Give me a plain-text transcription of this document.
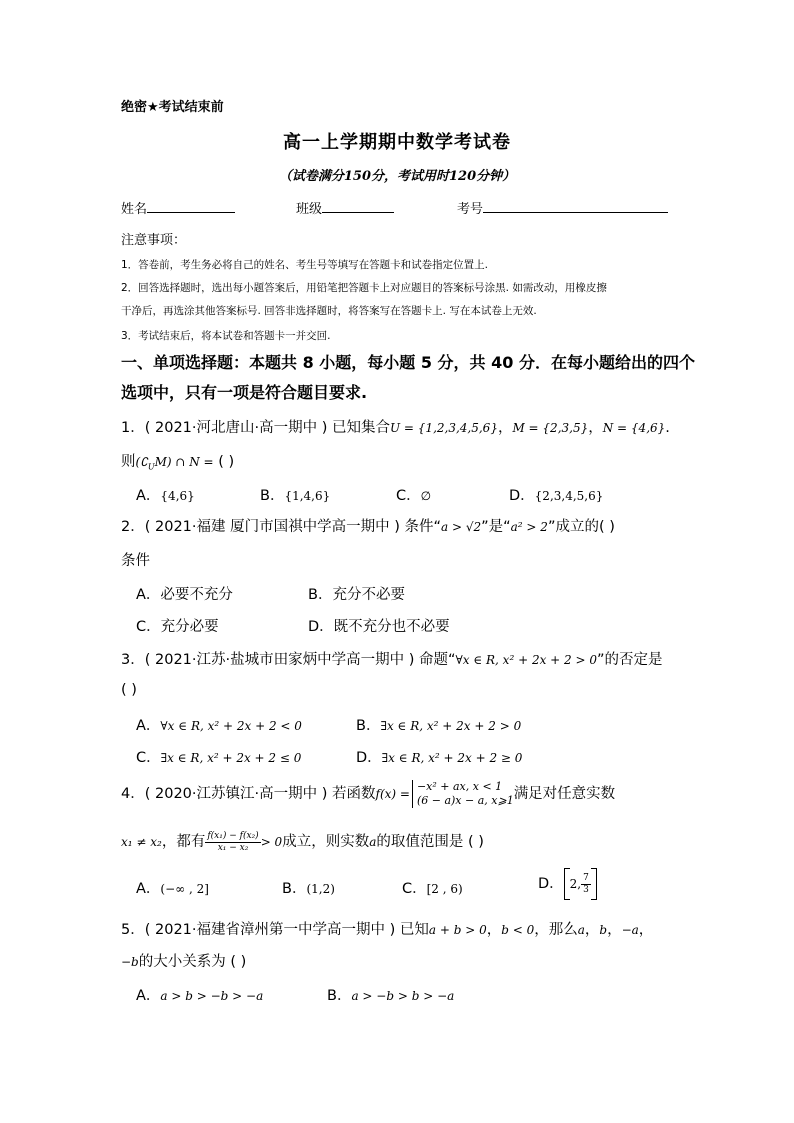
绝密★考试结束前
高一上学期期中数学考试卷
（试卷满分150分，考试用时120分钟）
姓名	班级	考号
注意事项：
1．答卷前，考生务必将自己的姓名、考生号等填写在答题卡和试卷指定位置上.
2．回答选择题时，选出每小题答案后，用铅笔把答题卡上对应题目的答案标号涂黑. 如需改动，用橡皮擦
干净后，再选涂其他答案标号. 回答非选择题时，将答案写在答题卡上. 写在本试卷上无效.
3．考试结束后，将本试卷和答题卡一并交回.
一、单项选择题：本题共 8 小题，每小题 5 分，共 40 分．在每小题给出的四个
选项中，只有一项是符合题目要求.
1．( 2021·河北唐山·高一期中 ) 已知集合U = {1,2,3,4,5,6}，M = {2,3,5}，N = {4,6}.
则$(∁_UM)$ ∩ N = ( )
A．{4,6}	B．{1,4,6}	C．∅	D．{2,3,4,5,6}
2．( 2021·福建 厦门市国祺中学高一期中 ) 条件“a > √2”是“a² > 2”成立的( )
条件
A．必要不充分	B．充分不必要
C．充分必要	D．既不充分也不必要
3．( 2021·江苏·盐城市田家炳中学高一期中 ) 命题“∀x ∈ R, x² + 2x + 2 > 0”的否定是
( )
A．∀x ∈ R, x² + 2x + 2 < 0	B．∃x ∈ R, x² + 2x + 2 > 0
C．∃x ∈ R, x² + 2x + 2 ≤ 0	D．∃x ∈ R, x² + 2x + 2 ≥ 0
4．( 2020·江苏镇江·高一期中 ) 若函数f(x) =
−x² + ax, x < 1
(6 − a)x − a, x⩾1 满足对任意实数
x₁ ≠ x₂，都有 $\frac{\text{f(x₁) − f(x₂)}}{\text{x₁ − x₂}} > 0$成立，则实数a的取值范围是 ( )
A．(−∞ , 2]	B．(1,2)	C．[2 , 6)	D． 2, $\frac{7}{3}$
5．( 2021·福建省漳州第一中学高一期中 ) 已知a + b > 0，b < 0，那么a，b，−a，
−b的大小关系为 ( )
A．a > b > −b > −a	B．a > −b > b > −a
